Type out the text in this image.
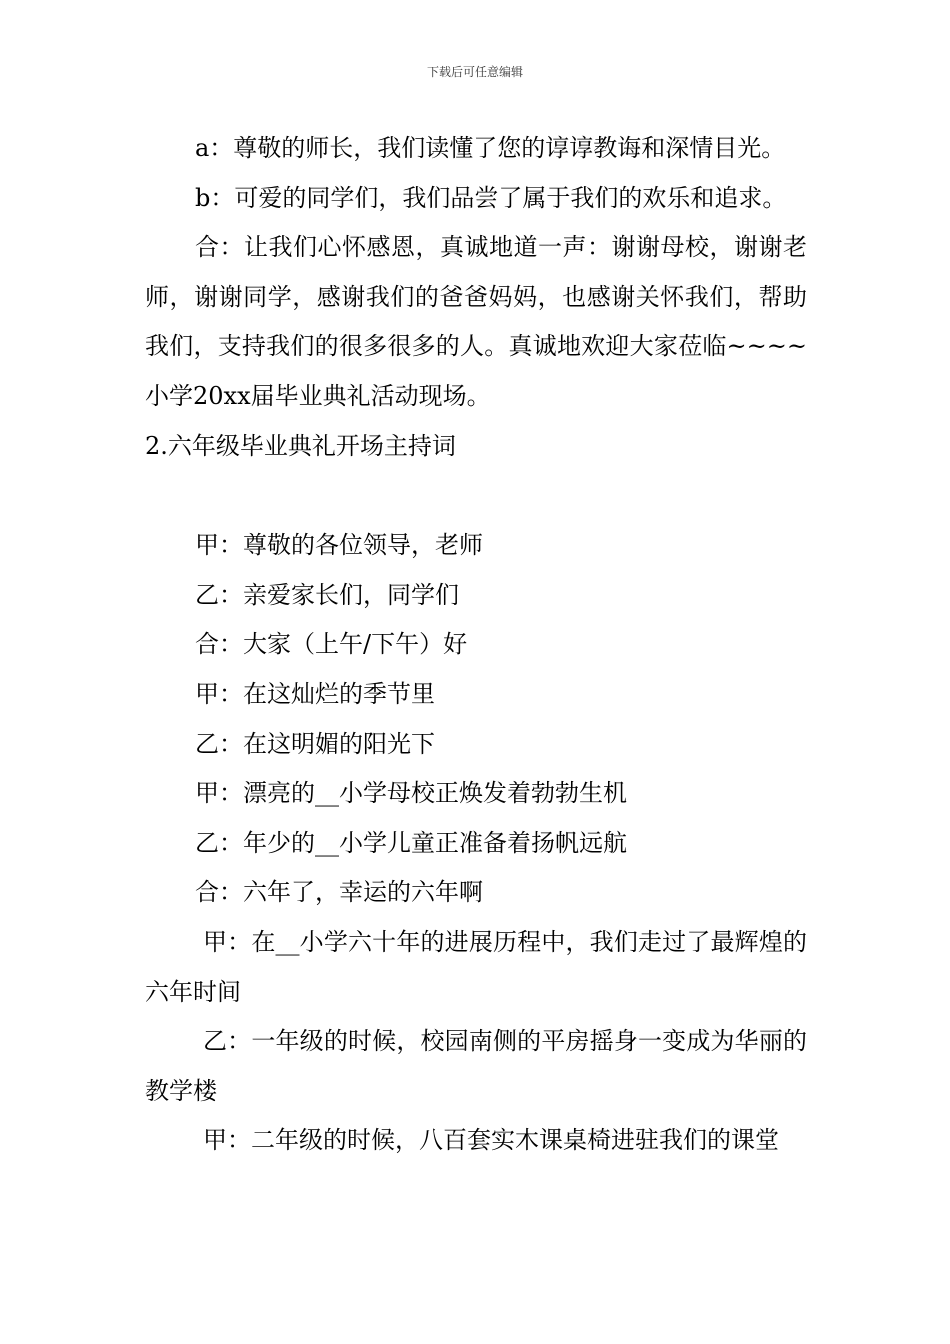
下载后可任意编辑

a：尊敬的师长，我们读懂了您的谆谆教诲和深情目光。

b：可爱的同学们，我们品尝了属于我们的欢乐和追求。

合：让我们心怀感恩，真诚地道一声：谢谢母校，谢谢老师，谢谢同学，感谢我们的爸爸妈妈，也感谢关怀我们，帮助我们，支持我们的很多很多的人。真诚地欢迎大家莅临~~~~小学20xx届毕业典礼活动现场。

2.六年级毕业典礼开场主持词

甲：尊敬的各位领导，老师

乙：亲爱家长们，同学们

合：大家（上午/下午）好

甲：在这灿烂的季节里

乙：在这明媚的阳光下

甲：漂亮的__小学母校正焕发着勃勃生机

乙：年少的__小学儿童正准备着扬帆远航

合：六年了，幸运的六年啊

甲：在__小学六十年的进展历程中，我们走过了最辉煌的六年时间

乙：一年级的时候，校园南侧的平房摇身一变成为华丽的教学楼

甲：二年级的时候，八百套实木课桌椅进驻我们的课堂
